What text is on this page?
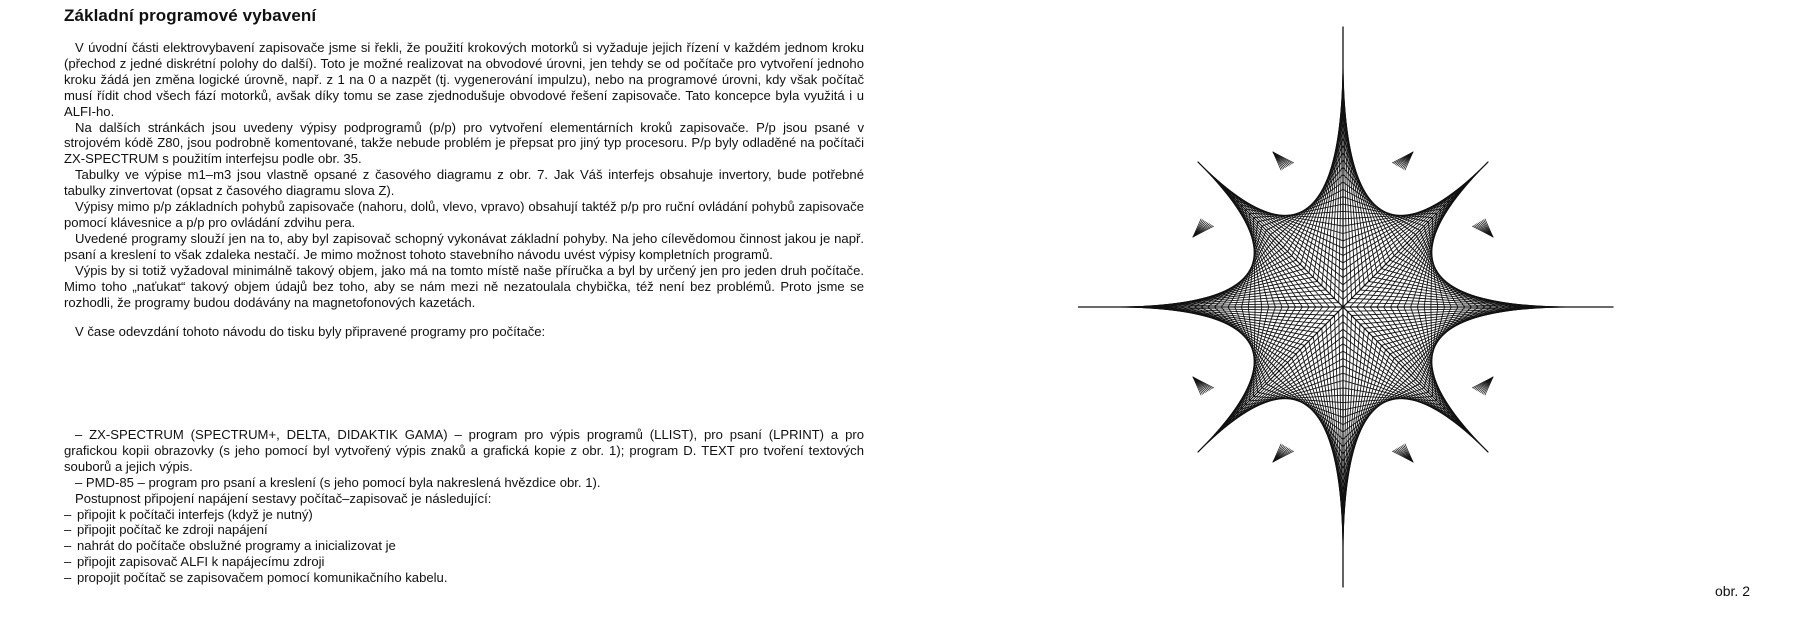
Základní programové vybavení

V úvodní části elektrovybavení zapisovače jsme si řekli, že použití krokových motorků si vyžaduje jejich řízení v každém jednom kroku (přechod z jedné diskrétní polohy do další). Toto je možné realizovat na obvodové úrovni, jen tehdy se od počítače pro vytvoření jednoho kroku žádá jen změna logické úrovně, např. z 1 na 0 a nazpět (tj. vygenerování impulzu), nebo na programové úrovni, kdy však počítač musí řídit chod všech fází motorků, avšak díky tomu se zase zjednodušuje obvodové řešení zapisovače. Tato koncepce byla využitá i u ALFI-ho.

Na dalších stránkách jsou uvedeny výpisy podprogramů (p/p) pro vytvoření elementárních kroků zapisovače. P/p jsou psané v strojovém kódě Z80, jsou podrobně komentované, takže nebude problém je přepsat pro jiný typ procesoru. P/p byly odladěné na počítači ZX-SPECTRUM s použitím interfejsu podle obr. 35.

Tabulky ve výpise m1–m3 jsou vlastně opsané z časového diagramu z obr. 7. Jak Váš interfejs obsahuje invertory, bude potřebné tabulky zinvertovat (opsat z časového diagramu slova Z).

Výpisy mimo p/p základních pohybů zapisovače (nahoru, dolů, vlevo, vpravo) obsahují taktéž p/p pro ruční ovládání pohybů zapisovače pomocí klávesnice a p/p pro ovládání zdvihu pera.

Uvedené programy slouží jen na to, aby byl zapisovač schopný vykonávat základní pohyby. Na jeho cílevědomou činnost jakou je např. psaní a kreslení to však zdaleka nestačí. Je mimo možnost tohoto stavebního návodu uvést výpisy kompletních programů.

Výpis by si totiž vyžadoval minimálně takový objem, jako má na tomto místě naše příručka a byl by určený jen pro jeden druh počítače. Mimo toho „naťukat“ takový objem údajů bez toho, aby se nám mezi ně nezatoulala chybička, též není bez problémů. Proto jsme se rozhodli, že programy budou dodávány na magnetofonových kazetách.

V čase odevzdání tohoto návodu do tisku byly připravené programy pro počítače:

– ZX-SPECTRUM (SPECTRUM+, DELTA, DIDAKTIK GAMA) – program pro výpis programů (LLIST), pro psaní (LPRINT) a pro grafickou kopii obrazovky (s jeho pomocí byl vytvořený výpis znaků a grafická kopie z obr. 1); program D. TEXT pro tvoření textových souborů a jejich výpis.

– PMD-85 – program pro psaní a kreslení (s jeho pomocí byla nakreslená hvězdice obr. 1).

Postupnost připojení napájení sestavy počítač–zapisovač je následující:

– připojit k počítači interfejs (když je nutný)
– připojit počítač ke zdroji napájení
– nahrát do počítače obslužné programy a inicializovat je
– připojit zapisovač ALFI k napájecímu zdroji
– propojit počítač se zapisovačem pomocí komunikačního kabelu.
obr. 2
